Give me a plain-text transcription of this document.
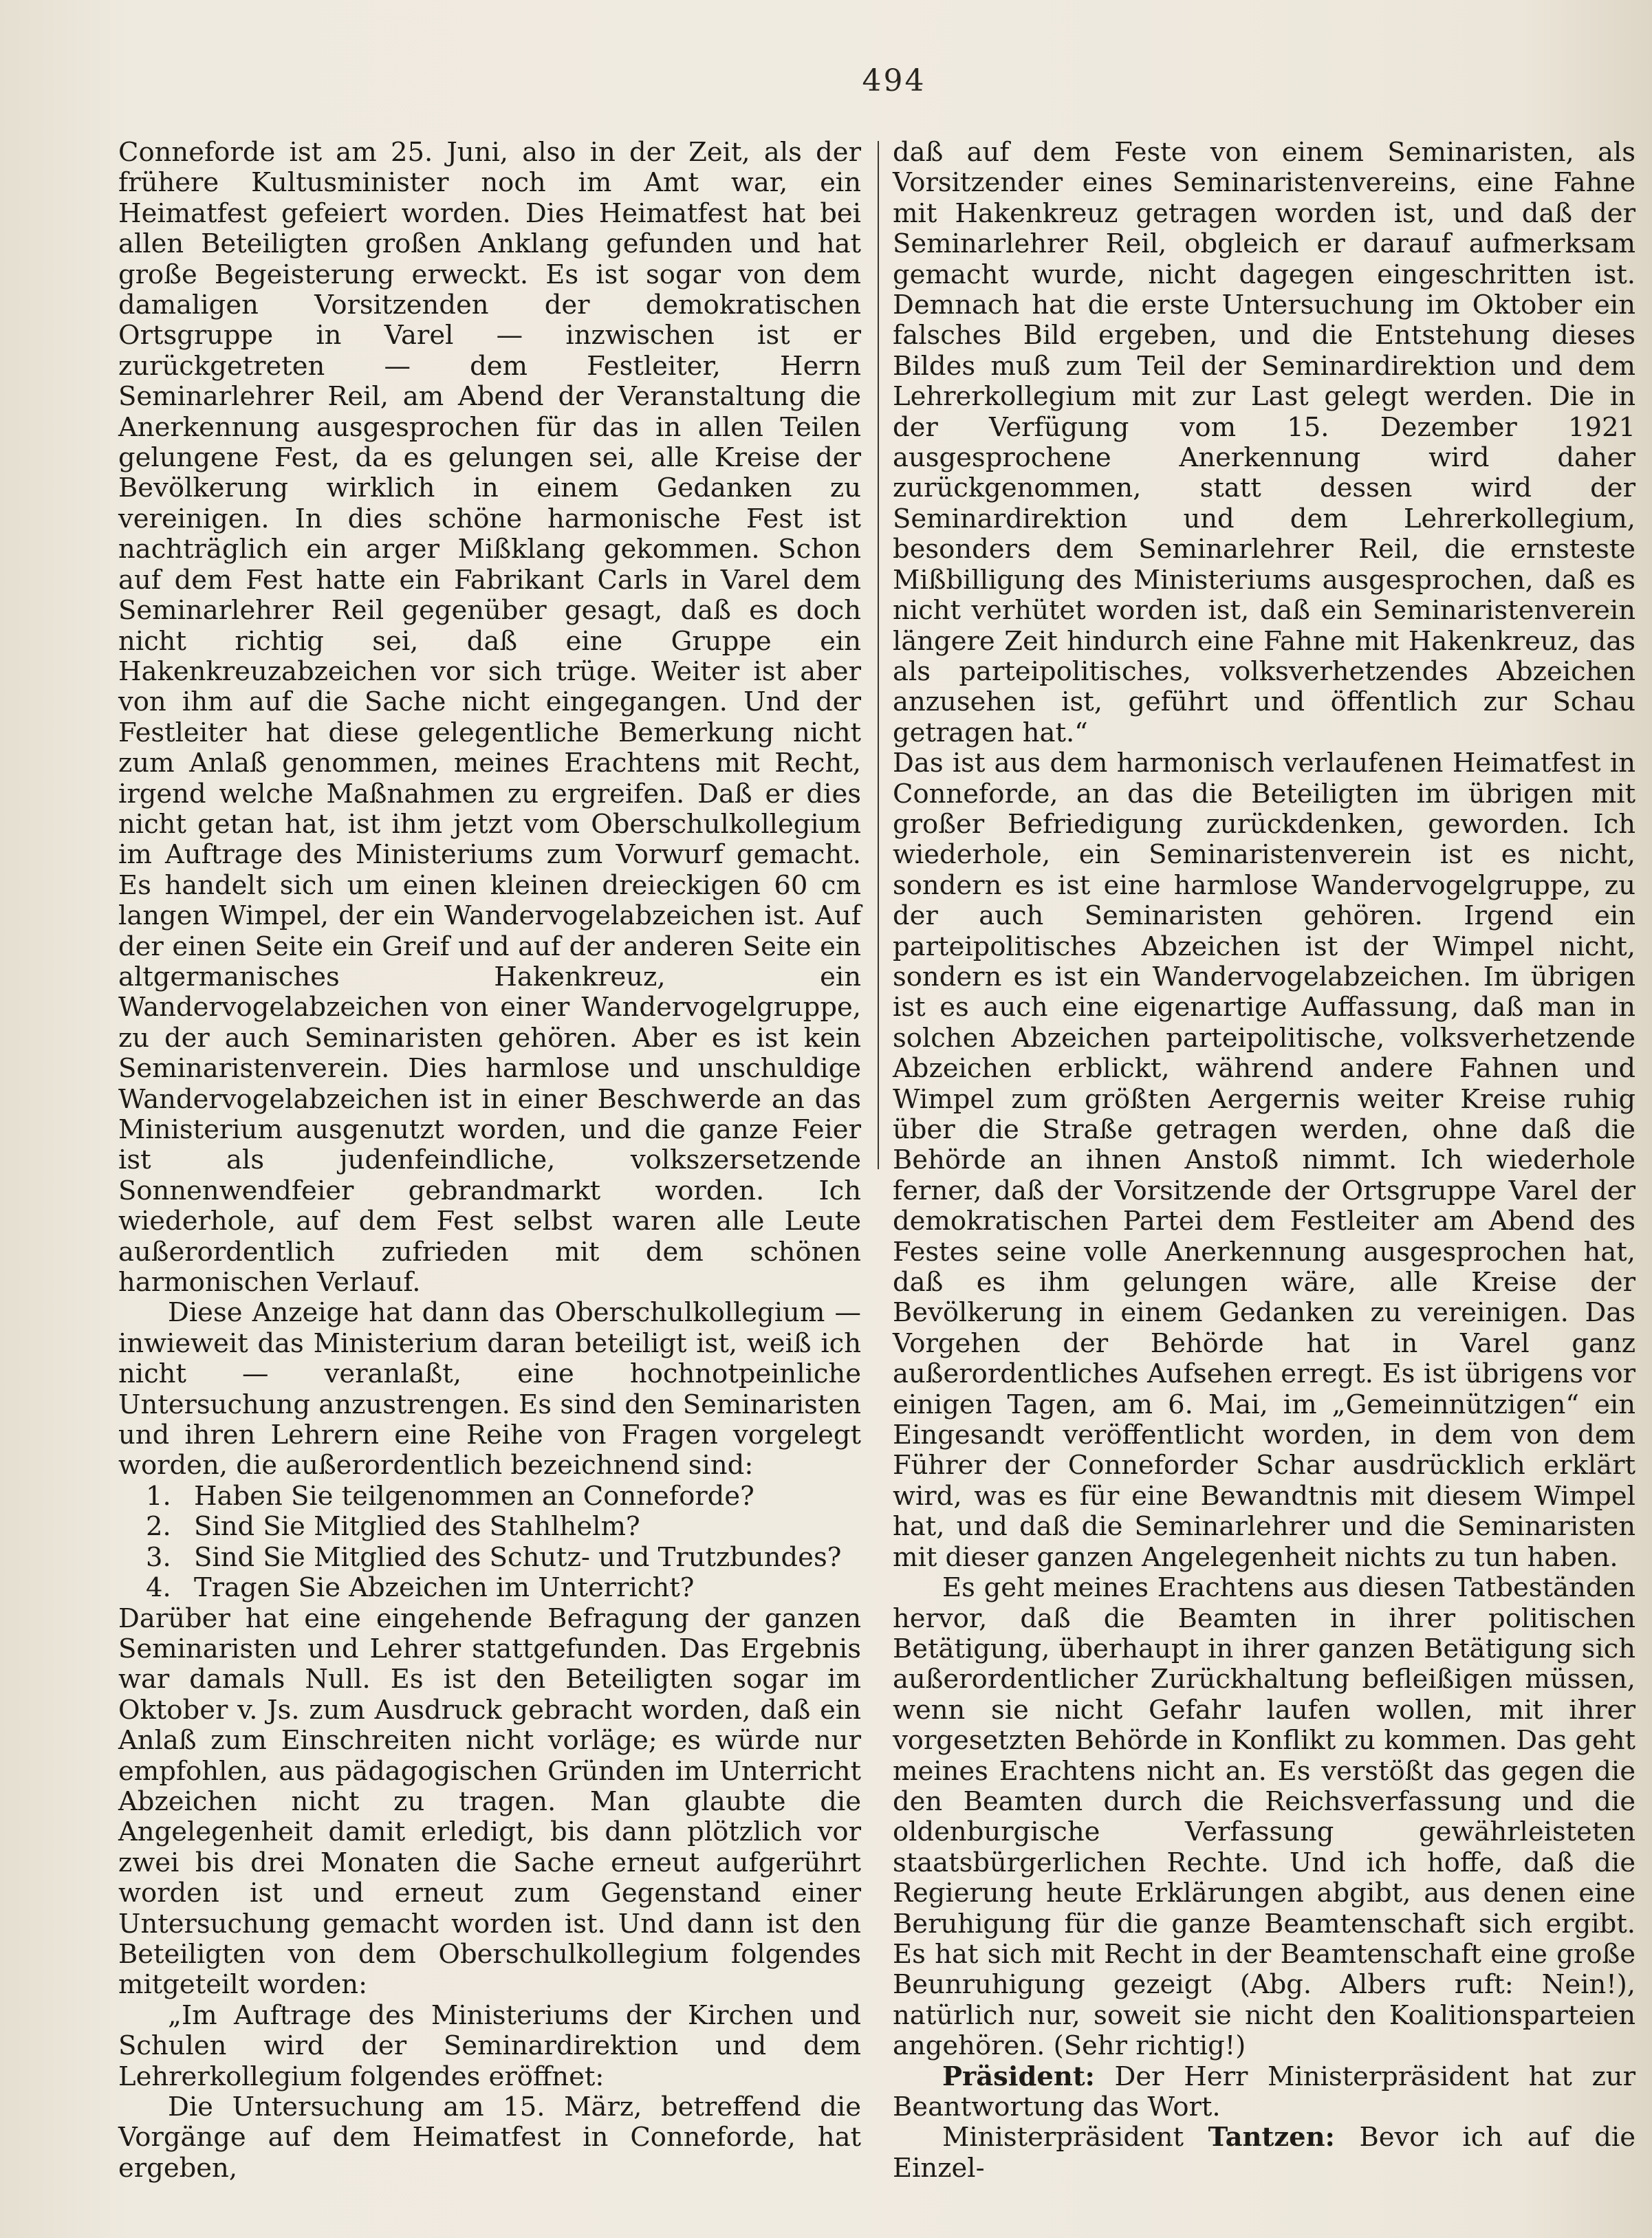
494

Conneforde ist am 25. Juni, also in der Zeit, als der frühere Kultusminister noch im Amt war, ein Heimatfest gefeiert worden. Dies Heimatfest hat bei allen Beteiligten großen Anklang gefunden und hat große Begeisterung erweckt. Es ist sogar von dem damaligen Vorsitzenden der demokratischen Ortsgruppe in Varel — inzwischen ist er zurückgetreten — dem Festleiter, Herrn Seminarlehrer Reil, am Abend der Veranstaltung die Anerkennung ausgesprochen für das in allen Teilen gelungene Fest, da es gelungen sei, alle Kreise der Bevölkerung wirklich in einem Gedanken zu vereinigen. In dies schöne harmonische Fest ist nachträglich ein arger Mißklang gekommen. Schon auf dem Fest hatte ein Fabrikant Carls in Varel dem Seminarlehrer Reil gegenüber gesagt, daß es doch nicht richtig sei, daß eine Gruppe ein Hakenkreuzabzeichen vor sich trüge. Weiter ist aber von ihm auf die Sache nicht eingegangen. Und der Festleiter hat diese gelegentliche Bemerkung nicht zum Anlaß genommen, meines Erachtens mit Recht, irgend welche Maßnahmen zu ergreifen. Daß er dies nicht getan hat, ist ihm jetzt vom Oberschulkollegium im Auftrage des Ministeriums zum Vorwurf gemacht. Es handelt sich um einen kleinen dreieckigen 60 cm langen Wimpel, der ein Wandervogelabzeichen ist. Auf der einen Seite ein Greif und auf der anderen Seite ein altgermanisches Hakenkreuz, ein Wandervogelabzeichen von einer Wandervogelgruppe, zu der auch Seminaristen gehören. Aber es ist kein Seminaristenverein. Dies harmlose und unschuldige Wandervogelabzeichen ist in einer Beschwerde an das Ministerium ausgenutzt worden, und die ganze Feier ist als judenfeindliche, volkszersetzende Sonnenwendfeier gebrandmarkt worden. Ich wiederhole, auf dem Fest selbst waren alle Leute außerordentlich zufrieden mit dem schönen harmonischen Verlauf.

Diese Anzeige hat dann das Oberschulkollegium — inwieweit das Ministerium daran beteiligt ist, weiß ich nicht — veranlaßt, eine hochnotpeinliche Untersuchung anzustrengen. Es sind den Seminaristen und ihren Lehrern eine Reihe von Fragen vorgelegt worden, die außerordentlich bezeichnend sind:

1. Haben Sie teilgenommen an Conneforde?
2. Sind Sie Mitglied des Stahlhelm?
3. Sind Sie Mitglied des Schutz- und Trutzbundes?
4. Tragen Sie Abzeichen im Unterricht?

Darüber hat eine eingehende Befragung der ganzen Seminaristen und Lehrer stattgefunden. Das Ergebnis war damals Null. Es ist den Beteiligten sogar im Oktober v. Js. zum Ausdruck gebracht worden, daß ein Anlaß zum Einschreiten nicht vorläge; es würde nur empfohlen, aus pädagogischen Gründen im Unterricht Abzeichen nicht zu tragen. Man glaubte die Angelegenheit damit erledigt, bis dann plötzlich vor zwei bis drei Monaten die Sache erneut aufgerührt worden ist und erneut zum Gegenstand einer Untersuchung gemacht worden ist. Und dann ist den Beteiligten von dem Oberschulkollegium folgendes mitgeteilt worden:

„Im Auftrage des Ministeriums der Kirchen und Schulen wird der Seminardirektion und dem Lehrerkollegium folgendes eröffnet:

Die Untersuchung am 15. März, betreffend die Vorgänge auf dem Heimatfest in Conneforde, hat ergeben,

daß auf dem Feste von einem Seminaristen, als Vorsitzender eines Seminaristenvereins, eine Fahne mit Hakenkreuz getragen worden ist, und daß der Seminarlehrer Reil, obgleich er darauf aufmerksam gemacht wurde, nicht dagegen eingeschritten ist. Demnach hat die erste Untersuchung im Oktober ein falsches Bild ergeben, und die Entstehung dieses Bildes muß zum Teil der Seminardirektion und dem Lehrerkollegium mit zur Last gelegt werden. Die in der Verfügung vom 15. Dezember 1921 ausgesprochene Anerkennung wird daher zurückgenommen, statt dessen wird der Seminardirektion und dem Lehrerkollegium, besonders dem Seminarlehrer Reil, die ernsteste Mißbilligung des Ministeriums ausgesprochen, daß es nicht verhütet worden ist, daß ein Seminaristenverein längere Zeit hindurch eine Fahne mit Hakenkreuz, das als parteipolitisches, volksverhetzendes Abzeichen anzusehen ist, geführt und öffentlich zur Schau getragen hat.“

Das ist aus dem harmonisch verlaufenen Heimatfest in Conneforde, an das die Beteiligten im übrigen mit großer Befriedigung zurückdenken, geworden. Ich wiederhole, ein Seminaristenverein ist es nicht, sondern es ist eine harmlose Wandervogelgruppe, zu der auch Seminaristen gehören. Irgend ein parteipolitisches Abzeichen ist der Wimpel nicht, sondern es ist ein Wandervogelabzeichen. Im übrigen ist es auch eine eigenartige Auffassung, daß man in solchen Abzeichen parteipolitische, volksverhetzende Abzeichen erblickt, während andere Fahnen und Wimpel zum größten Aergernis weiter Kreise ruhig über die Straße getragen werden, ohne daß die Behörde an ihnen Anstoß nimmt. Ich wiederhole ferner, daß der Vorsitzende der Ortsgruppe Varel der demokratischen Partei dem Festleiter am Abend des Festes seine volle Anerkennung ausgesprochen hat, daß es ihm gelungen wäre, alle Kreise der Bevölkerung in einem Gedanken zu vereinigen. Das Vorgehen der Behörde hat in Varel ganz außerordentliches Aufsehen erregt. Es ist übrigens vor einigen Tagen, am 6. Mai, im „Gemeinnützigen“ ein Eingesandt veröffentlicht worden, in dem von dem Führer der Conneforder Schar ausdrücklich erklärt wird, was es für eine Bewandtnis mit diesem Wimpel hat, und daß die Seminarlehrer und die Seminaristen mit dieser ganzen Angelegenheit nichts zu tun haben.

Es geht meines Erachtens aus diesen Tatbeständen hervor, daß die Beamten in ihrer politischen Betätigung, überhaupt in ihrer ganzen Betätigung sich außerordentlicher Zurückhaltung befleißigen müssen, wenn sie nicht Gefahr laufen wollen, mit ihrer vorgesetzten Behörde in Konflikt zu kommen. Das geht meines Erachtens nicht an. Es verstößt das gegen die den Beamten durch die Reichsverfassung und die oldenburgische Verfassung gewährleisteten staatsbürgerlichen Rechte. Und ich hoffe, daß die Regierung heute Erklärungen abgibt, aus denen eine Beruhigung für die ganze Beamtenschaft sich ergibt. Es hat sich mit Recht in der Beamtenschaft eine große Beunruhigung gezeigt (Abg. Albers ruft: Nein!), natürlich nur, soweit sie nicht den Koalitionsparteien angehören. (Sehr richtig!)

Präsident: Der Herr Ministerpräsident hat zur Beantwortung das Wort.

Ministerpräsident Tantzen: Bevor ich auf die Einzel-
